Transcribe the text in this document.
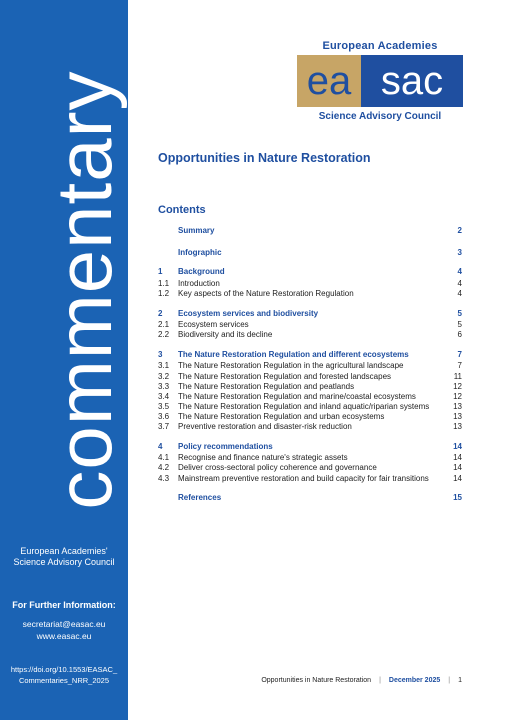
commentary
European Academies'
Science Advisory Council
For Further Information:
secretariat@easac.eu
www.easac.eu
https://doi.org/10.1553/EASAC_
Commentaries_NRR_2025
European Academies
ea sac
Science Advisory Council
Opportunities in Nature Restoration
Contents
Summary	2
Infographic	3
1	Background	4
1.1	Introduction	4
1.2	Key aspects of the Nature Restoration Regulation	4
2	Ecosystem services and biodiversity	5
2.1	Ecosystem services	5
2.2	Biodiversity and its decline	6
3	The Nature Restoration Regulation and different ecosystems	7
3.1	The Nature Restoration Regulation in the agricultural landscape	7
3.2	The Nature Restoration Regulation and forested landscapes	11
3.3	The Nature Restoration Regulation and peatlands	12
3.4	The Nature Restoration Regulation and marine/coastal ecosystems	12
3.5	The Nature Restoration Regulation and inland aquatic/riparian systems	13
3.6	The Nature Restoration Regulation and urban ecosystems	13
3.7	Preventive restoration and disaster-risk reduction	13
4	Policy recommendations	14
4.1	Recognise and finance nature's strategic assets	14
4.2	Deliver cross-sectoral policy coherence and governance	14
4.3	Mainstream preventive restoration and build capacity for fair transitions	14
References	15
Opportunities in Nature Restoration | December 2025 | 1
